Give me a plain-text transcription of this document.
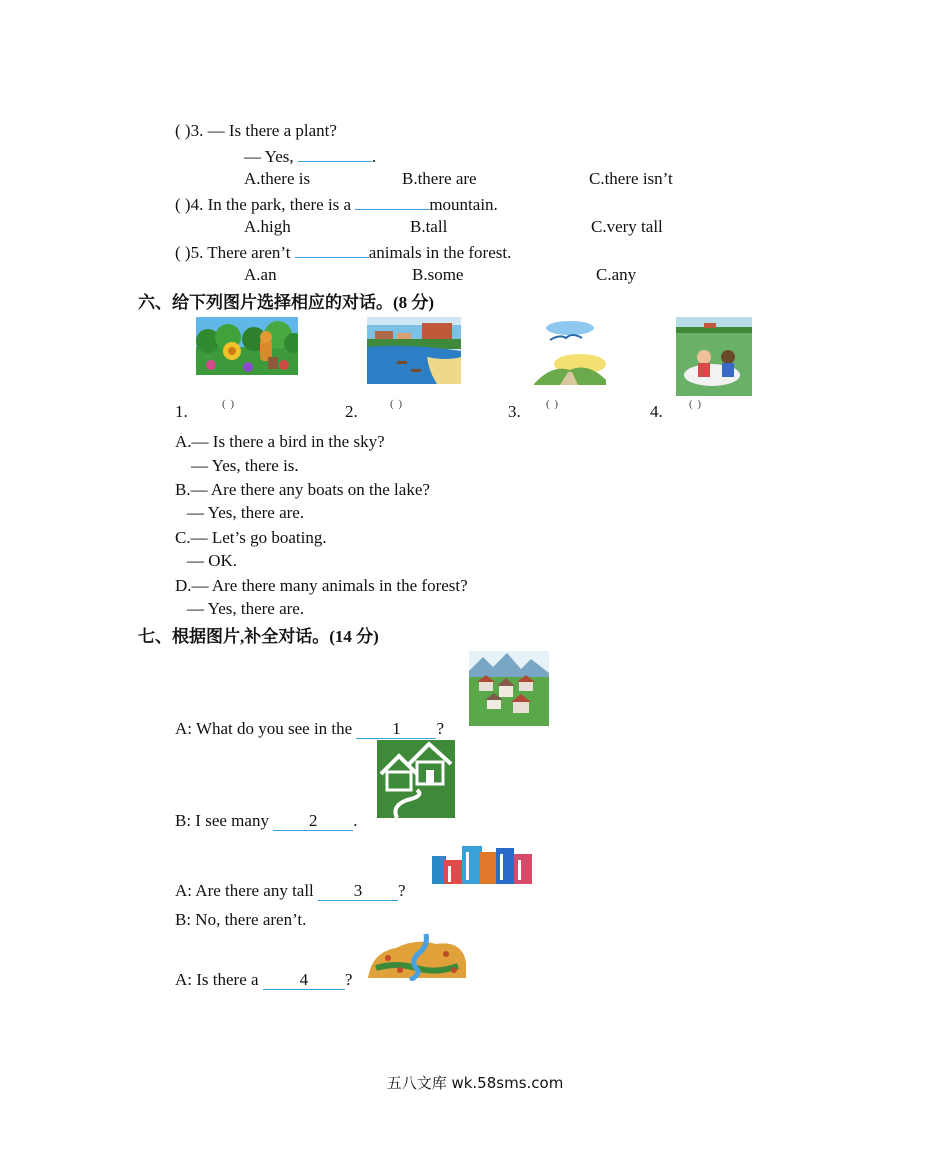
( )3. — Is there a plant?
— Yes,	.
A.there is	B.there are	C.there isn’t
( )4. In the park, there is a	mountain.
A.high	B.tall	C.very tall
( )5. There aren’t	animals in the forest.
A.an	B.some	C.any
六、给下列图片选择相应的对话。(8 分)
1.	( )	2.	( )	3. ( )	4. ( )
A.— Is there a bird in the sky?
— Yes, there is.
B.— Are there any boats on the lake?
— Yes, there are.
C.— Let’s go boating.
— OK.
D.— Are there many animals in the forest?
— Yes, there are.
七、根据图片,补全对话。(14 分)
A: What do you see in the 1 ?
B: I see many 2 .
A: Are there any tall 3 ?
B: No, there aren’t.
A: Is there a 4 ?
五八文库 wk.58sms.com
